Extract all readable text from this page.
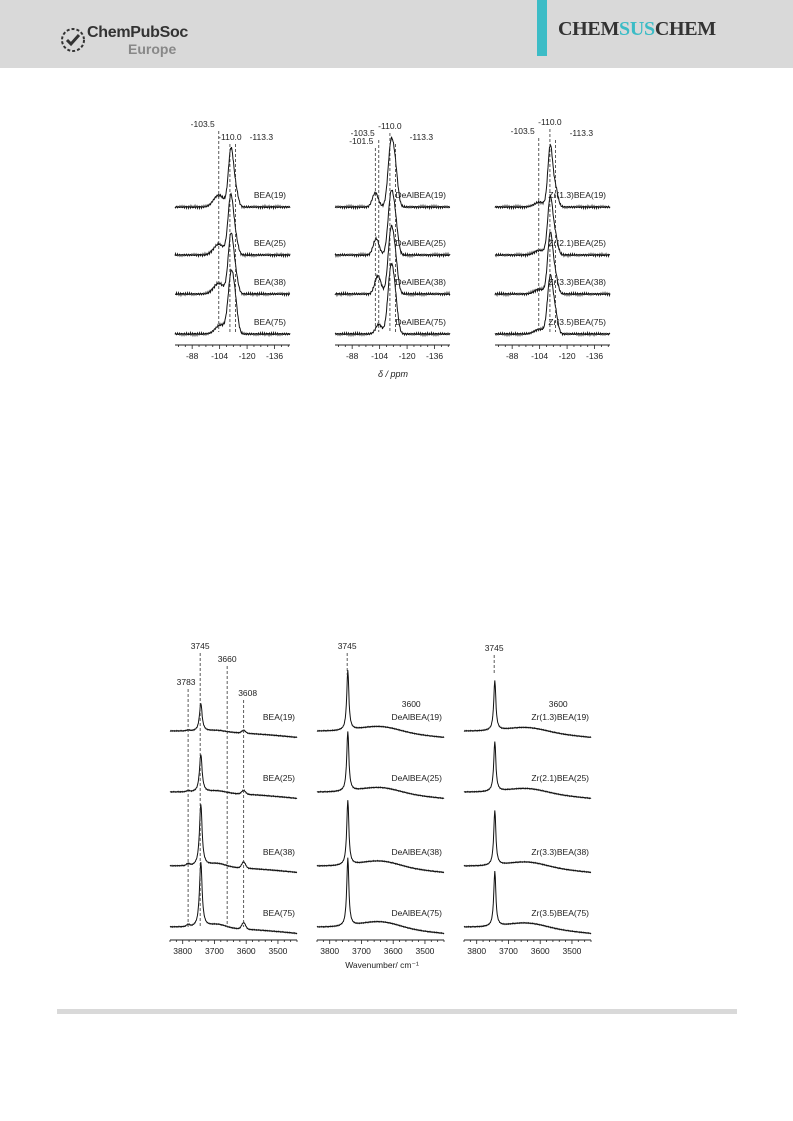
ChemPubSoc
Europe
CHEMSUSCHEM
BEA(19)
BEA(25)
BEA(38)
BEA(75)
-103.5
-110.0 -113.3
-88 -104 -120 -136
DeAlBEA(19)
DeAlBEA(25)
DeAlBEA(38)
DeAlBEA(75)
-101.5
-103.5
-110.0
-113.3
-88 -104 -120 -136
Zr(1.3)BEA(19)
Zr(2.1)BEA(25)
Zr(3.3)BEA(38)
Zr(3.5)BEA(75)
-103.5
-110.0
-113.3
-88 -104 -120 -136
δ / ppm
BEA(19)
BEA(25)
BEA(38)
BEA(75)
3783
3745
3660
3608
3800 3700 3600 3500
DeAlBEA(19)
DeAlBEA(25)
DeAlBEA(38)
DeAlBEA(75)
3745
3600
3800 3700 3600 3500
Zr(1.3)BEA(19)
Zr(2.1)BEA(25)
Zr(3.3)BEA(38)
Zr(3.5)BEA(75)
3745
3600
3800 3700 3600 3500
Wavenumber/ cm⁻¹
